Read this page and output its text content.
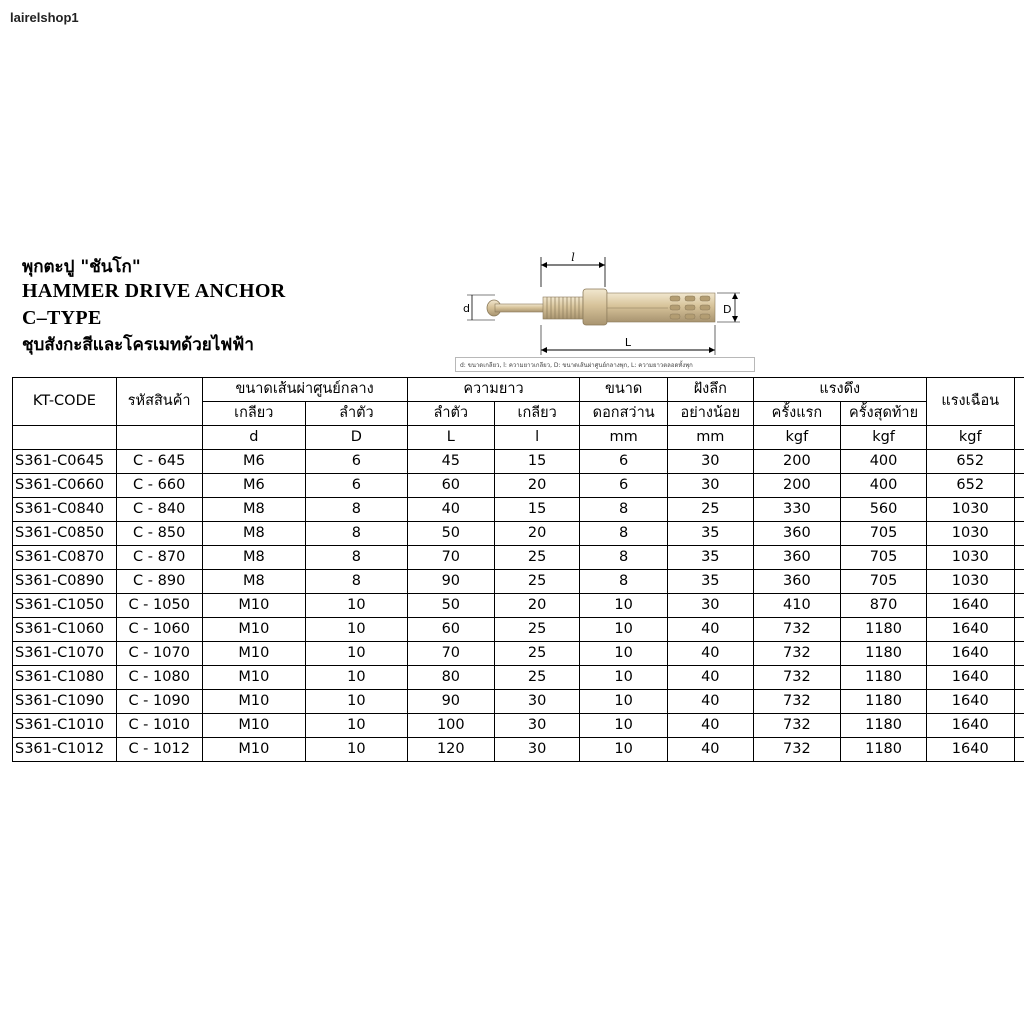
lairelshop1
พุกตะปู "ชันโก"
HAMMER DRIVE ANCHOR
C–TYPE
ชุบสังกะสีและโครเมทด้วยไฟฟ้า
l
d	D
L
d: ขนาดเกลียว, l: ความยาวเกลียว, D: ขนาดเส้นผ่าศูนย์กลางพุก, L: ความยาวตลอดทั้งพุก
KT-CODE	รหัสสินค้า	ขนาดเส้นผ่าศูนย์กลาง		ความยาว		ขนาด	ฝังลึก	แรงดึง		แรงเฉือน	
		เกลียว	ลำตัว	ลำตัว	เกลียว	ดอกสว่าน	อย่างน้อย	ครั้งแรก	ครั้งสุดท้าย		
		d	D	L	l	mm	mm	kgf	kgf	kgf	
S361-C0645	C - 645	M6	6	45	15	6	30	200	400	652	
S361-C0660	C - 660	M6	6	60	20	6	30	200	400	652	
S361-C0840	C - 840	M8	8	40	15	8	25	330	560	1030	
S361-C0850	C - 850	M8	8	50	20	8	35	360	705	1030	
S361-C0870	C - 870	M8	8	70	25	8	35	360	705	1030	
S361-C0890	C - 890	M8	8	90	25	8	35	360	705	1030	
S361-C1050	C - 1050	M10	10	50	20	10	30	410	870	1640	
S361-C1060	C - 1060	M10	10	60	25	10	40	732	1180	1640	
S361-C1070	C - 1070	M10	10	70	25	10	40	732	1180	1640	
S361-C1080	C - 1080	M10	10	80	25	10	40	732	1180	1640	
S361-C1090	C - 1090	M10	10	90	30	10	40	732	1180	1640	
S361-C1010	C - 1010	M10	10	100	30	10	40	732	1180	1640	
S361-C1012	C - 1012	M10	10	120	30	10	40	732	1180	1640	
